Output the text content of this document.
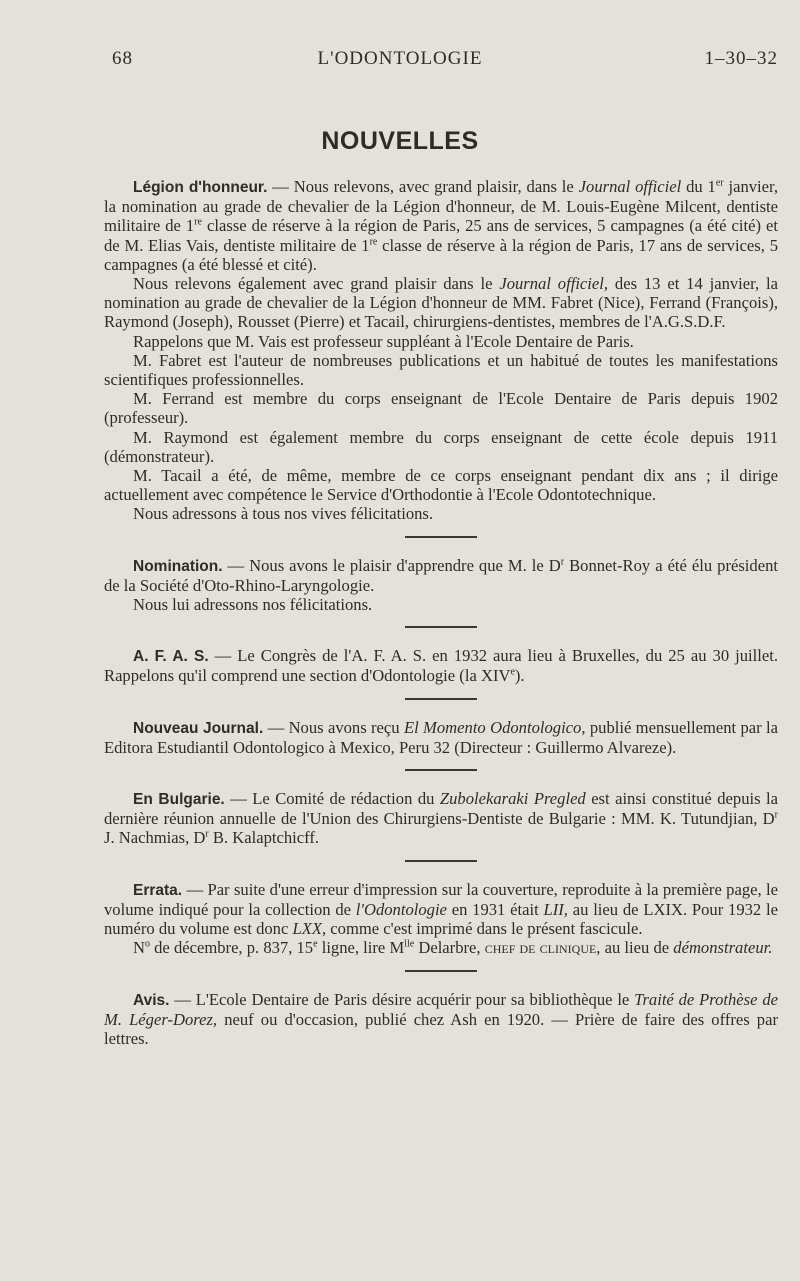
68	L'ODONTOLOGIE	1–30–32
NOUVELLES

Légion d'honneur. — Nous relevons, avec grand plaisir, dans le Journal officiel du 1er janvier, la nomination au grade de chevalier de la Légion d'honneur, de M. Louis-Eugène Milcent, dentiste militaire de 1re classe de réserve à la région de Paris, 25 ans de services, 5 campagnes (a été cité) et de M. Elias Vais, dentiste militaire de 1re classe de réserve à la région de Paris, 17 ans de services, 5 campagnes (a été blessé et cité).

Nous relevons également avec grand plaisir dans le Journal officiel, des 13 et 14 janvier, la nomination au grade de chevalier de la Légion d'honneur de MM. Fabret (Nice), Ferrand (François), Raymond (Joseph), Rousset (Pierre) et Tacail, chirurgiens-dentistes, membres de l'A.G.S.D.F.

Rappelons que M. Vais est professeur suppléant à l'Ecole Dentaire de Paris.

M. Fabret est l'auteur de nombreuses publications et un habitué de toutes les manifestations scientifiques professionnelles.

M. Ferrand est membre du corps enseignant de l'Ecole Dentaire de Paris depuis 1902 (professeur).

M. Raymond est également membre du corps enseignant de cette école depuis 1911 (démonstrateur).

M. Tacail a été, de même, membre de ce corps enseignant pendant dix ans ; il dirige actuellement avec compétence le Service d'Orthodontie à l'Ecole Odontotechnique.

Nous adressons à tous nos vives félicitations.

Nomination. — Nous avons le plaisir d'apprendre que M. le $D^r$ Bonnet-Roy a été élu président de la Société d'Oto-Rhino-Laryngologie.

Nous lui adressons nos félicitations.

A. F. A. S. — Le Congrès de l'A. F. A. S. en 1932 aura lieu à Bruxelles, du 25 au 30 juillet. Rappelons qu'il comprend une section d'Odontologie (la XIVe).

Nouveau Journal. — Nous avons reçu El Momento Odontologico, publié mensuellement par la Editora Estudiantil Odontologico à Mexico, Peru 32 (Directeur : Guillermo Alvareze).

En Bulgarie. — Le Comité de rédaction du Zubolekaraki Pregled est ainsi constitué depuis la dernière réunion annuelle de l'Union des Chirurgiens-Dentiste de Bulgarie : MM. K. Tutundjian, $D^r$ J. Nachmias, $D^r$ B. Kalaptchicff.

Errata. — Par suite d'une erreur d'impression sur la couverture, reproduite à la première page, le volume indiqué pour la collection de l'Odontologie en 1931 était LII, au lieu de LXIX. Pour 1932 le numéro du volume est donc LXX, comme c'est imprimé dans le présent fascicule.

$N^o$ de décembre, p. 837, 15e ligne, lire $M^{lle}$ Delarbre, chef de clinique, au lieu de démonstrateur.

Avis. — L'Ecole Dentaire de Paris désire acquérir pour sa bibliothèque le Traité de Prothèse de M. Léger-Dorez, neuf ou d'occasion, publié chez Ash en 1920. — Prière de faire des offres par lettres.
